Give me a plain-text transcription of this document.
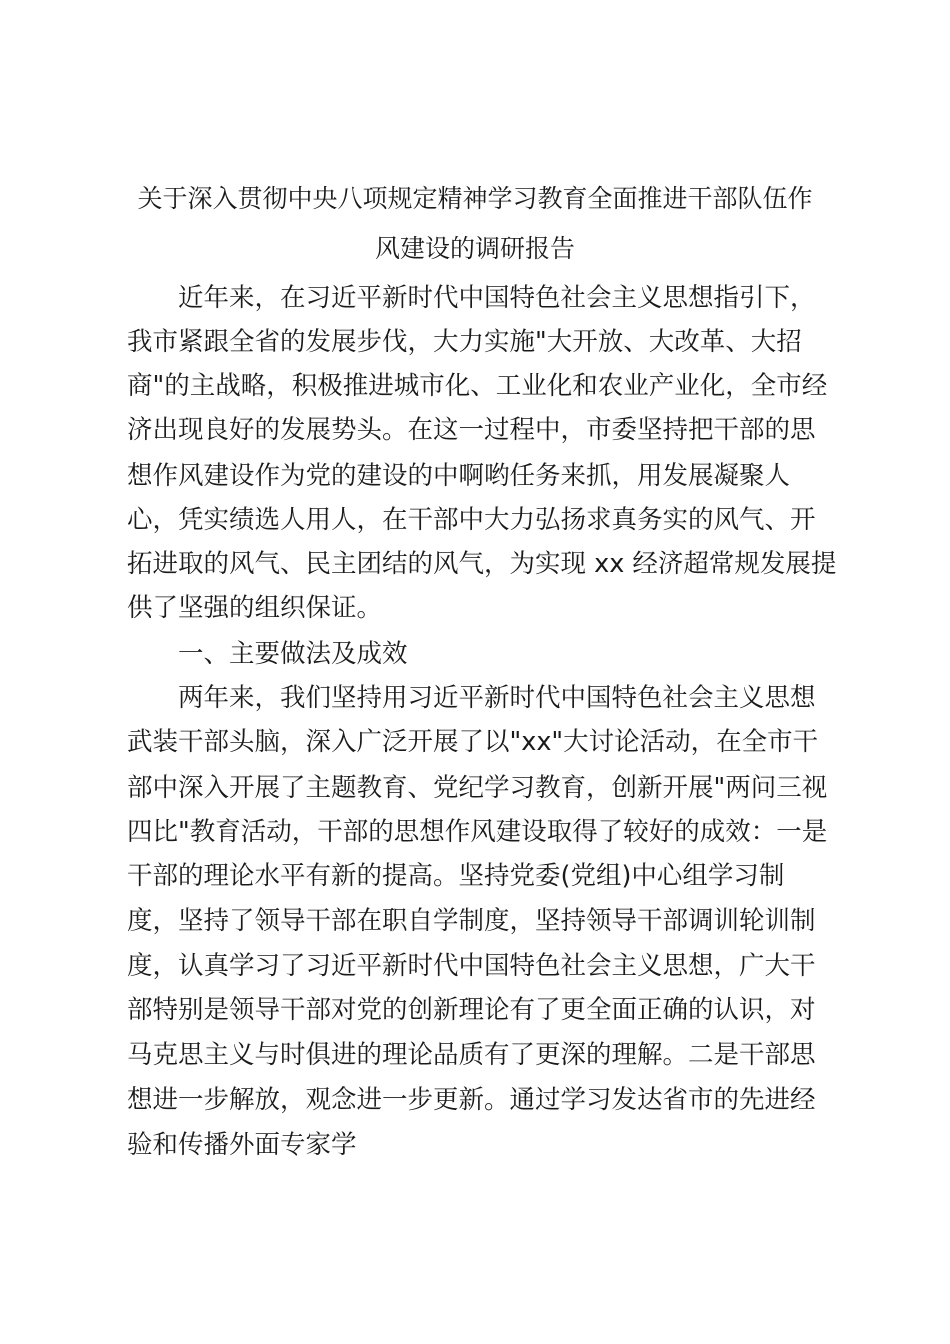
关于深入贯彻中央八项规定精神学习教育全面推进干部队伍作
风建设的调研报告
近年来，在习近平新时代中国特色社会主义思想指引下，
我市紧跟全省的发展步伐，大力实施"大开放、大改革、大招
商"的主战略，积极推进城市化、工业化和农业产业化，全市经
济出现良好的发展势头。在这一过程中，市委坚持把干部的思
想作风建设作为党的建设的中啊哟任务来抓，用发展凝聚人
心，凭实绩选人用人，在干部中大力弘扬求真务实的风气、开
拓进取的风气、民主团结的风气，为实现 xx 经济超常规发展提
供了坚强的组织保证。
一、主要做法及成效
两年来，我们坚持用习近平新时代中国特色社会主义思想
武装干部头脑，深入广泛开展了以"xx"大讨论活动，在全市干
部中深入开展了主题教育、党纪学习教育，创新开展"两问三视
四比"教育活动，干部的思想作风建设取得了较好的成效：一是
干部的理论水平有新的提高。坚持党委(党组)中心组学习制
度，坚持了领导干部在职自学制度，坚持领导干部调训轮训制
度，认真学习了习近平新时代中国特色社会主义思想，广大干
部特别是领导干部对党的创新理论有了更全面正确的认识，对
马克思主义与时俱进的理论品质有了更深的理解。二是干部思
想进一步解放，观念进一步更新。通过学习发达省市的先进经
验和传播外面专家学
